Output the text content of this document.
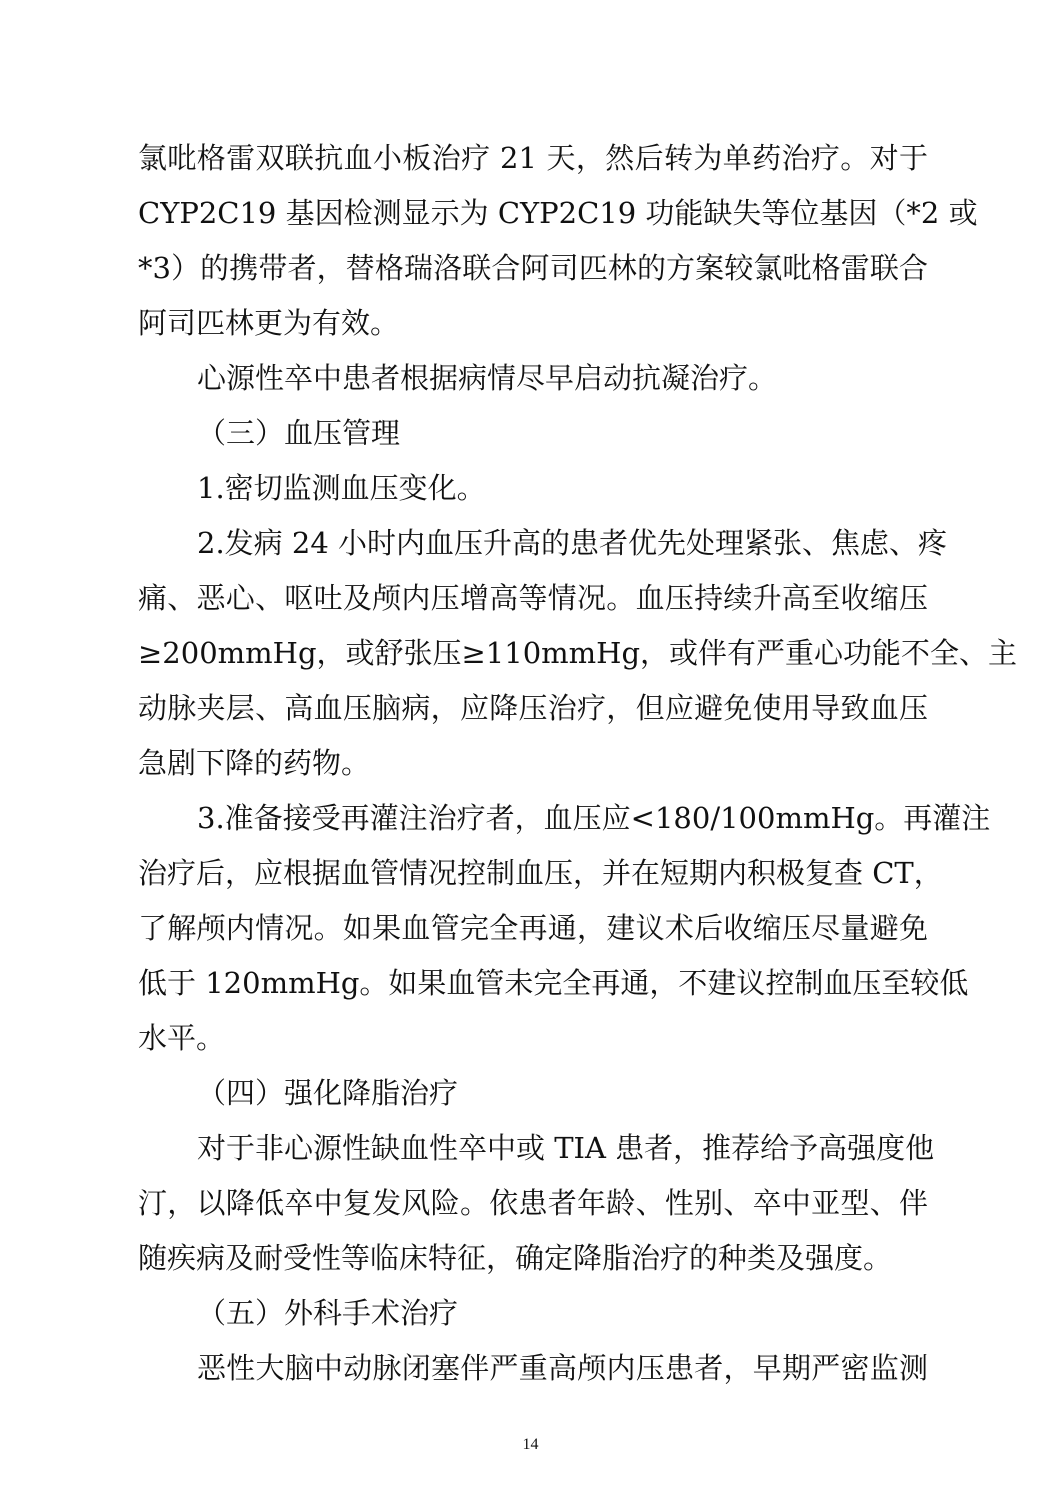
氯吡格雷双联抗血小板治疗 21 天，然后转为单药治疗。对于
CYP2C19 基因检测显示为 CYP2C19 功能缺失等位基因（*2 或
*3）的携带者，替格瑞洛联合阿司匹林的方案较氯吡格雷联合
阿司匹林更为有效。
心源性卒中患者根据病情尽早启动抗凝治疗。
（三）血压管理
1.密切监测血压变化。
2.发病 24 小时内血压升高的患者优先处理紧张、焦虑、疼
痛、恶心、呕吐及颅内压增高等情况。血压持续升高至收缩压
≥200mmHg，或舒张压≥110mmHg，或伴有严重心功能不全、主
动脉夹层、高血压脑病，应降压治疗，但应避免使用导致血压
急剧下降的药物。
3.准备接受再灌注治疗者，血压应<180/100mmHg。再灌注
治疗后，应根据血管情况控制血压，并在短期内积极复查 CT，
了解颅内情况。如果血管完全再通，建议术后收缩压尽量避免
低于 120mmHg。如果血管未完全再通，不建议控制血压至较低
水平。
（四）强化降脂治疗
对于非心源性缺血性卒中或 TIA 患者，推荐给予高强度他
汀，以降低卒中复发风险。依患者年龄、性别、卒中亚型、伴
随疾病及耐受性等临床特征，确定降脂治疗的种类及强度。
（五）外科手术治疗
恶性大脑中动脉闭塞伴严重高颅内压患者，早期严密监测
14
